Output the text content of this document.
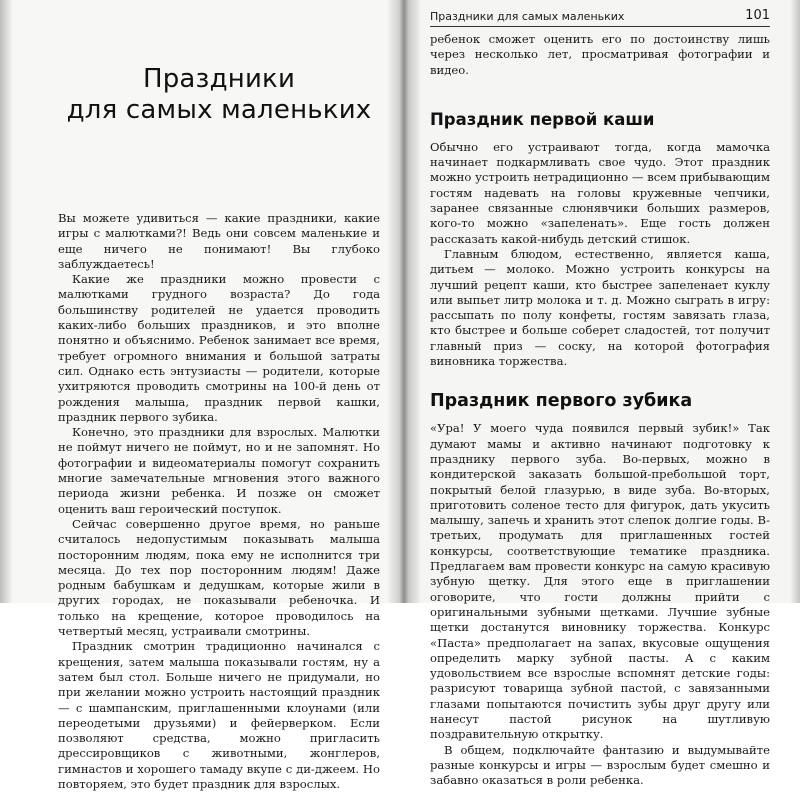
Праздники
для самых маленьких

Вы можете удивиться — какие праздники, какие игры с малютками?! Ведь они совсем маленькие и еще ничего не понимают! Вы глубоко заблуждаетесь!

Какие же праздники можно провести с малютками грудного возраста? До года большинству родителей не удается проводить каких-либо больших праздников, и это вполне понятно и объяснимо. Ребенок занимает все время, требует огромного внимания и большой затраты сил. Однако есть энтузиасты — родители, которые ухитряются проводить смотрины на 100-й день от рождения малыша, праздник первой кашки, праздник первого зубика.

Конечно, это праздники для взрослых. Малютки не поймут ничего не поймут, но и не запомнят. Но фотографии и видеоматериалы помогут сохранить многие замечательные мгновения этого важного периода жизни ребенка. И позже он сможет оценить ваш героический поступок.

Сейчас совершенно другое время, но раньше считалось недопустимым показывать малыша посторонним людям, пока ему не исполнится три месяца. До тех пор посторонним людям! Даже родным бабушкам и дедушкам, которые жили в других городах, не показывали ребеночка. И только на крещение, которое проводилось на четвертый месяц, устраивали смотрины.

Праздник смотрин традиционно начинался с крещения, затем малыша показывали гостям, ну а затем был стол. Больше ничего не придумали, но при желании можно устроить настоящий праздник — с шампанским, приглашенными клоунами (или переодетыми друзьями) и фейерверком. Если позволяют средства, можно пригласить дрессировщиков с животными, жонглеров, гимнастов и хорошего тамаду вкупе с ди-джеем. Но повторяем, это будет праздник для взрослых.

Праздники для самых маленьких	101

ребенок сможет оценить его по достоинству лишь через несколько лет, просматривая фотографии и видео.

Праздник первой каши

Обычно его устраивают тогда, когда мамочка начинает подкармливать свое чудо. Этот праздник можно устроить нетрадиционно — всем прибывающим гостям надевать на головы кружевные чепчики, заранее связанные слюнявчики больших размеров, кого-то можно «запеленать». Еще гость должен рассказать какой-нибудь детский стишок.

Главным блюдом, естественно, является каша, дитьем — молоко. Можно устроить конкурсы на лучший рецепт каши, кто быстрее запеленает куклу или выпьет литр молока и т. д. Можно сыграть в игру: рассыпать по полу конфеты, гостям завязать глаза, кто быстрее и больше соберет сладостей, тот получит главный приз — соску, на которой фотография виновника торжества.

Праздник первого зубика

«Ура! У моего чуда появился первый зубик!» Так думают мамы и активно начинают подготовку к празднику первого зуба. Во-первых, можно в кондитерской заказать большой-пребольшой торт, покрытый белой глазурью, в виде зуба. Во-вторых, приготовить соленое тесто для фигурок, дать укусить малышу, запечь и хранить этот слепок долгие годы. В-третьих, продумать для приглашенных гостей конкурсы, соответствующие тематике праздника. Предлагаем вам провести конкурс на самую красивую зубную щетку. Для этого еще в приглашении оговорите, что гости должны прийти с оригинальными зубными щетками. Лучшие зубные щетки достанутся виновнику торжества. Конкурс «Паста» предполагает на запах, вкусовые ощущения определить марку зубной пасты. А с каким удовольствием все взрослые вспомнят детские годы: разрисуют товарища зубной пастой, с завязанными глазами попытаются почистить зубы друг другу или нанесут пастой рисунок на шутливую поздравительную открытку.

В общем, подключайте фантазию и выдумывайте разные конкурсы и игры — взрослым будет смешно и забавно оказаться в роли ребенка.
